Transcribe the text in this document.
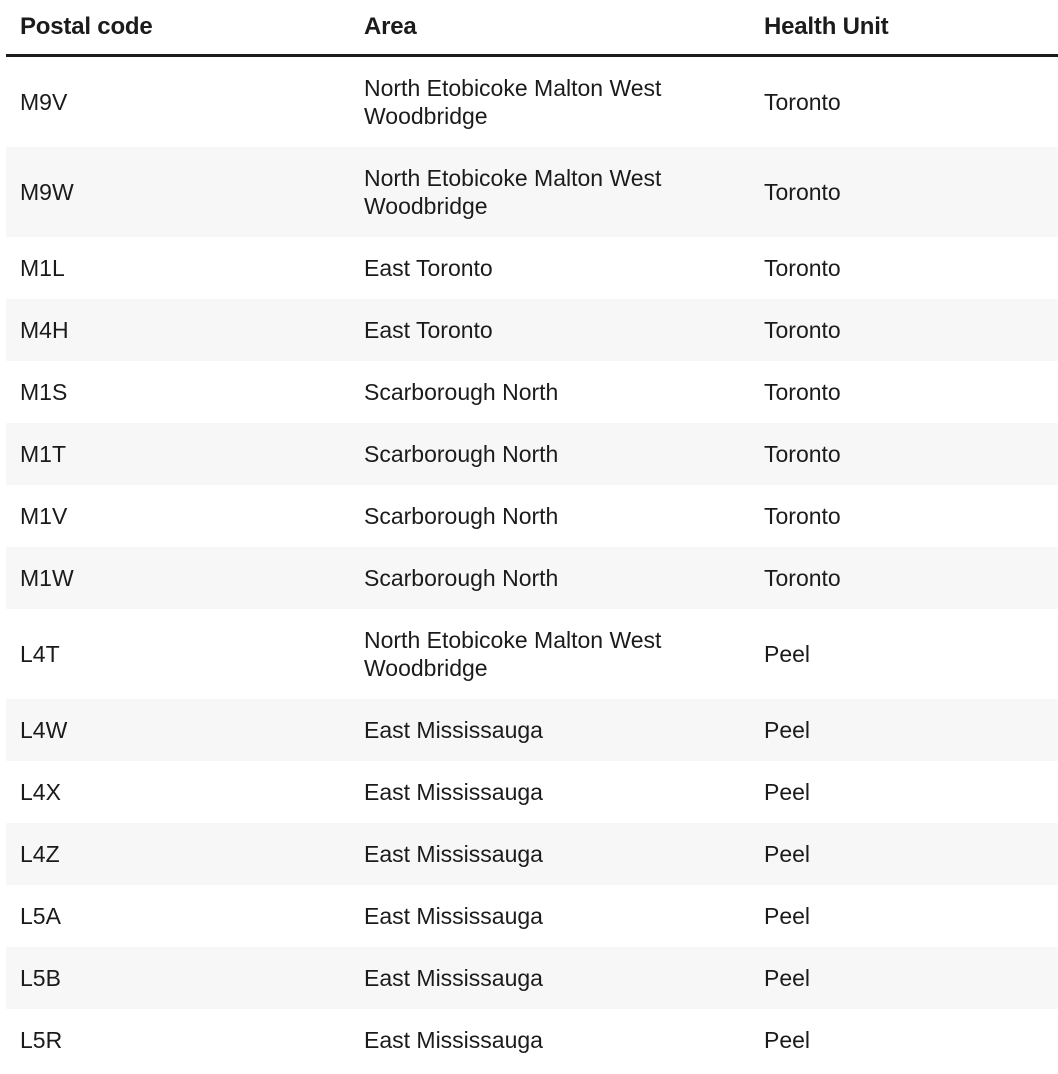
Postal code	Area	Health Unit
M9V	North Etobicoke Malton West Woodbridge	Toronto
M9W	North Etobicoke Malton West Woodbridge	Toronto
M1L	East Toronto	Toronto
M4H	East Toronto	Toronto
M1S	Scarborough North	Toronto
M1T	Scarborough North	Toronto
M1V	Scarborough North	Toronto
M1W	Scarborough North	Toronto
L4T	North Etobicoke Malton West Woodbridge	Peel
L4W	East Mississauga	Peel
L4X	East Mississauga	Peel
L4Z	East Mississauga	Peel
L5A	East Mississauga	Peel
L5B	East Mississauga	Peel
L5R	East Mississauga	Peel
